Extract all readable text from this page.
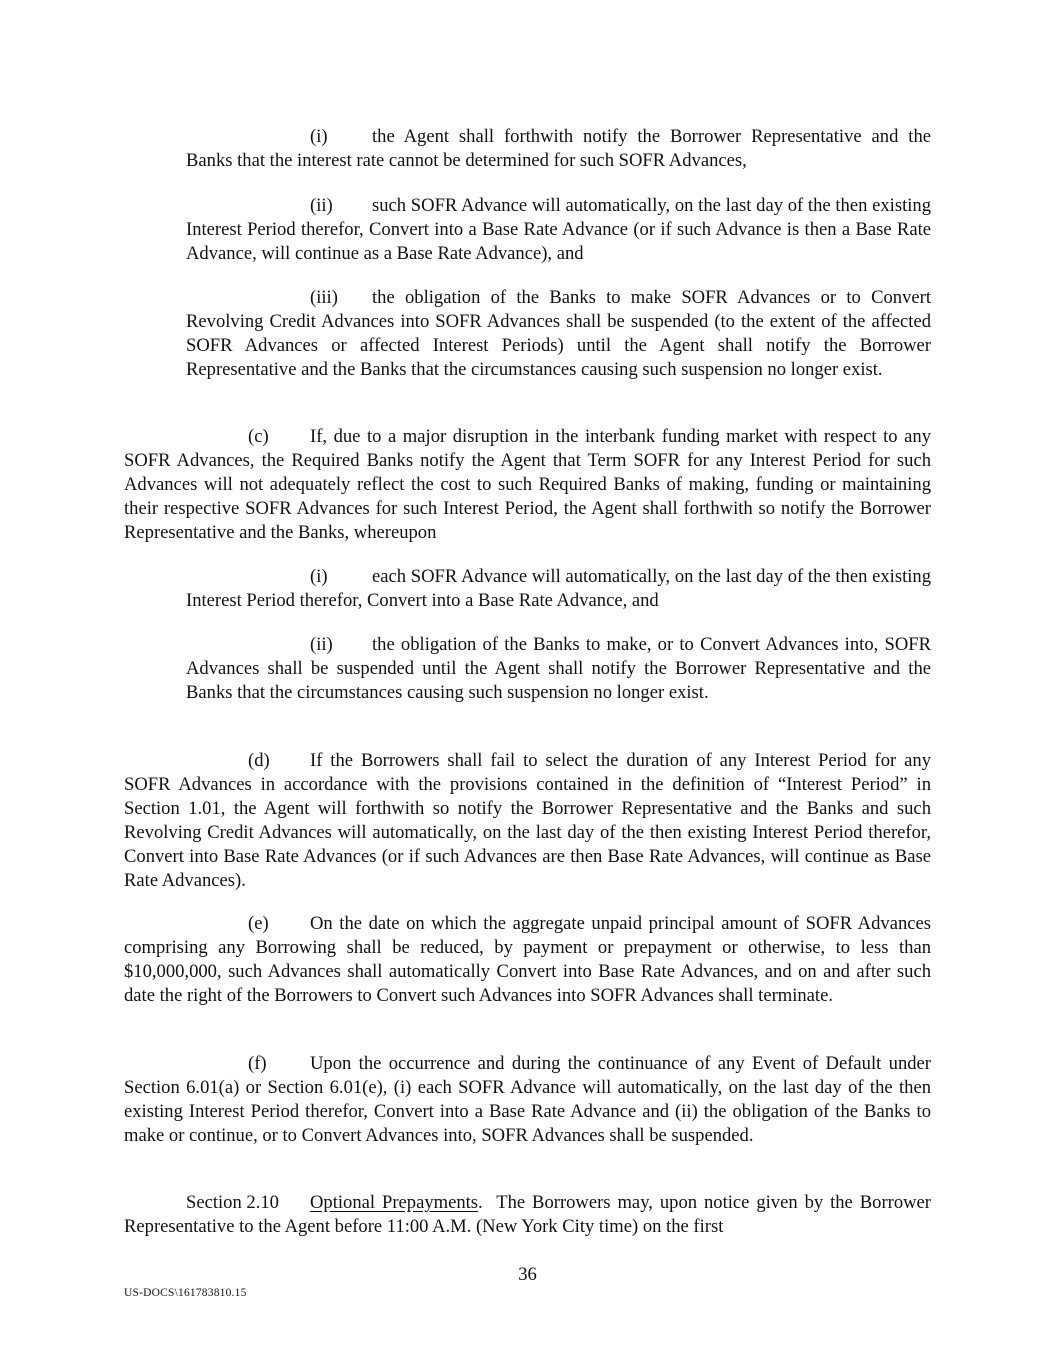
(i) the Agent shall forthwith notify the Borrower Representative and the Banks that the interest rate cannot be determined for such SOFR Advances,

(ii) such SOFR Advance will automatically, on the last day of the then existing Interest Period therefor, Convert into a Base Rate Advance (or if such Advance is then a Base Rate Advance, will continue as a Base Rate Advance), and

(iii) the obligation of the Banks to make SOFR Advances or to Convert Revolving Credit Advances into SOFR Advances shall be suspended (to the extent of the affected SOFR Advances or affected Interest Periods) until the Agent shall notify the Borrower Representative and the Banks that the circumstances causing such suspension no longer exist.

(c) If, due to a major disruption in the interbank funding market with respect to any SOFR Advances, the Required Banks notify the Agent that Term SOFR for any Interest Period for such Advances will not adequately reflect the cost to such Required Banks of making, funding or maintaining their respective SOFR Advances for such Interest Period, the Agent shall forthwith so notify the Borrower Representative and the Banks, whereupon

(i) each SOFR Advance will automatically, on the last day of the then existing Interest Period therefor, Convert into a Base Rate Advance, and

(ii) the obligation of the Banks to make, or to Convert Advances into, SOFR Advances shall be suspended until the Agent shall notify the Borrower Representative and the Banks that the circumstances causing such suspension no longer exist.

(d) If the Borrowers shall fail to select the duration of any Interest Period for any SOFR Advances in accordance with the provisions contained in the definition of “Interest Period” in Section 1.01, the Agent will forthwith so notify the Borrower Representative and the Banks and such Revolving Credit Advances will automatically, on the last day of the then existing Interest Period therefor, Convert into Base Rate Advances (or if such Advances are then Base Rate Advances, will continue as Base Rate Advances).

(e) On the date on which the aggregate unpaid principal amount of SOFR Advances comprising any Borrowing shall be reduced, by payment or prepayment or otherwise, to less than $10,000,000, such Advances shall automatically Convert into Base Rate Advances, and on and after such date the right of the Borrowers to Convert such Advances into SOFR Advances shall terminate.

(f) Upon the occurrence and during the continuance of any Event of Default under Section 6.01(a) or Section 6.01(e), (i) each SOFR Advance will automatically, on the last day of the then existing Interest Period therefor, Convert into a Base Rate Advance and (ii) the obligation of the Banks to make or continue, or to Convert Advances into, SOFR Advances shall be suspended.

Section 2.10 Optional Prepayments.  The Borrowers may, upon notice given by the Borrower Representative to the Agent before 11:00 A.M. (New York City time) on the first

36
US-DOCS\161783810.15
